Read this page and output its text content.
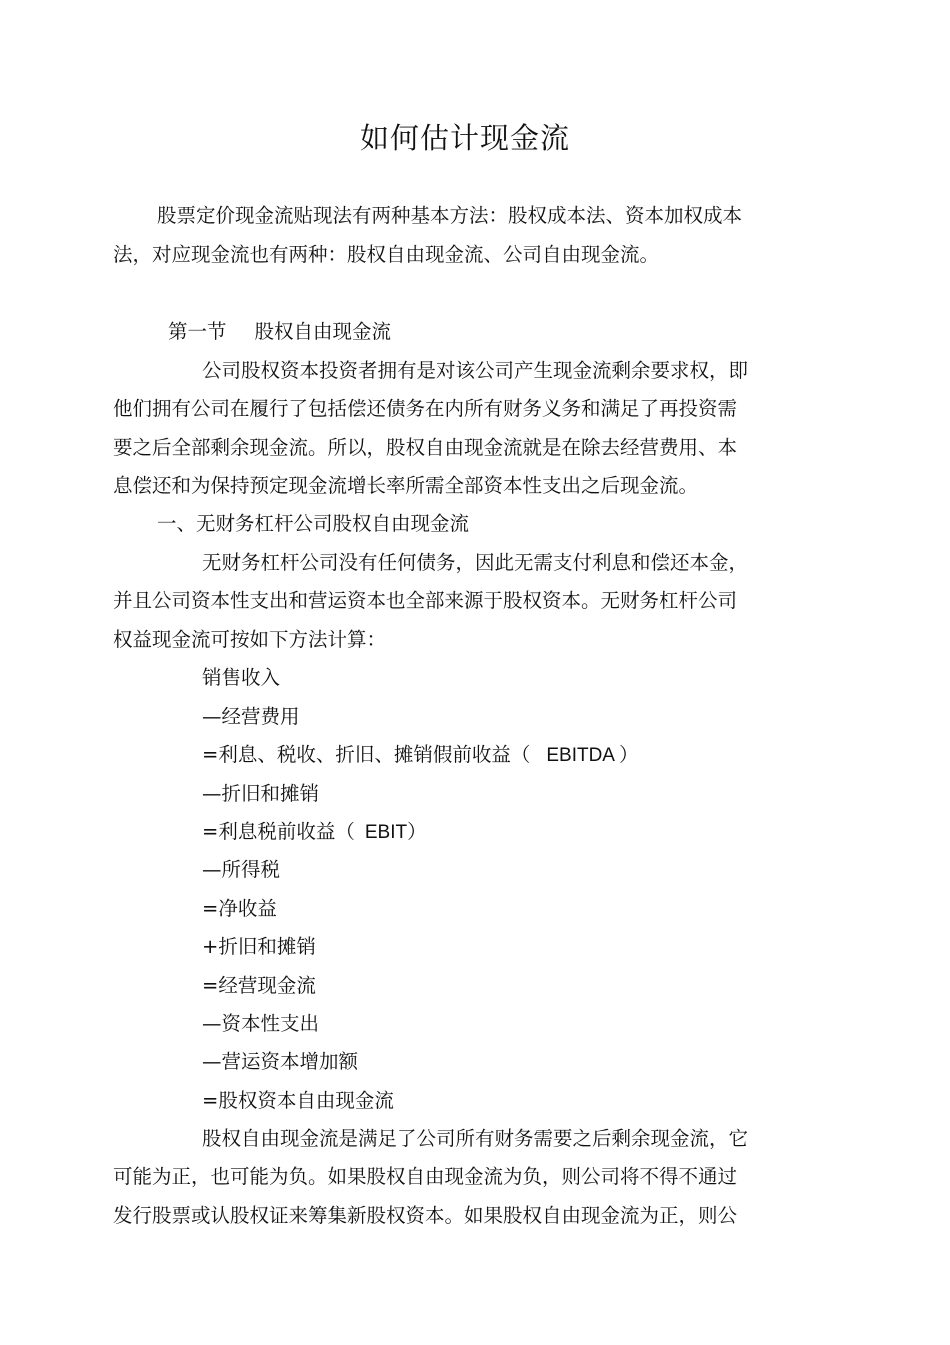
如何估计现金流

股票定价现金流贴现法有两种基本方法：股权成本法、资本加权成本

法，对应现金流也有两种：股权自由现金流、公司自由现金流。

第一节 股权自由现金流

公司股权资本投资者拥有是对该公司产生现金流剩余要求权，即

他们拥有公司在履行了包括偿还债务在内所有财务义务和满足了再投资需

要之后全部剩余现金流。所以，股权自由现金流就是在除去经营费用、本

息偿还和为保持预定现金流增长率所需全部资本性支出之后现金流。

一、无财务杠杆公司股权自由现金流

无财务杠杆公司没有任何债务，因此无需支付利息和偿还本金，

并且公司资本性支出和营运资本也全部来源于股权资本。无财务杠杆公司

权益现金流可按如下方法计算：

销售收入

—经营费用

=利息、税收、折旧、摊销假前收益（ EBITDA ）

—折旧和摊销

=利息税前收益（ EBIT）

—所得税

=净收益

+折旧和摊销

=经营现金流

—资本性支出

—营运资本增加额

=股权资本自由现金流

股权自由现金流是满足了公司所有财务需要之后剩余现金流，它

可能为正，也可能为负。如果股权自由现金流为负，则公司将不得不通过

发行股票或认股权证来筹集新股权资本。如果股权自由现金流为正，则公
